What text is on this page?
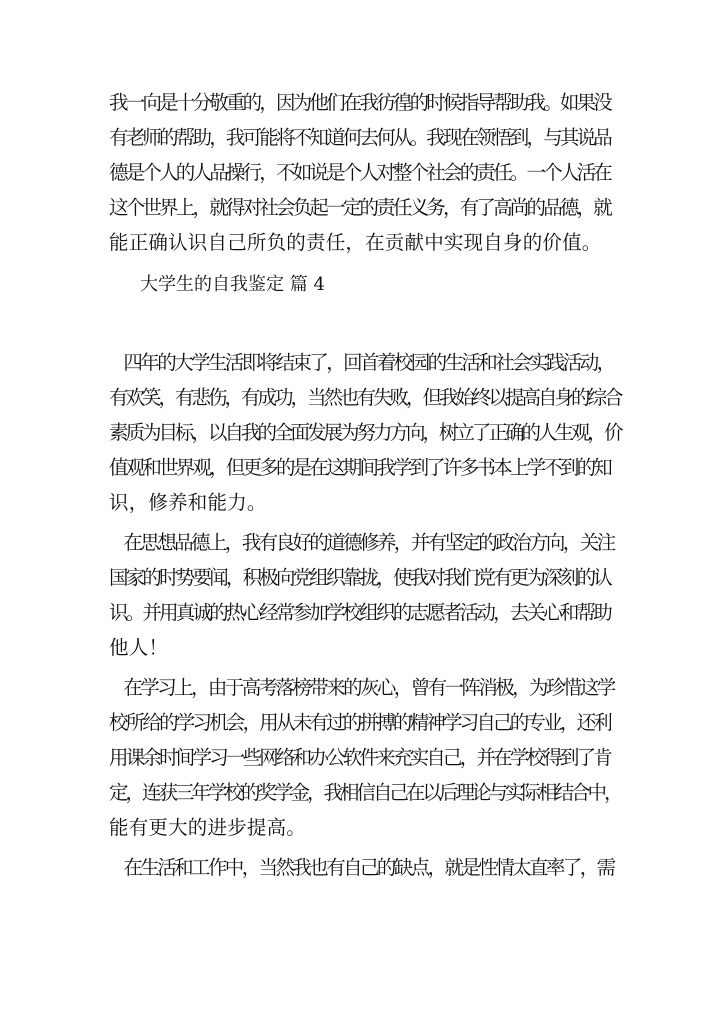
我一向是十分敬重的，因为他们在我彷徨的时候指导帮助我。如果没
有老师的帮助，我可能将不知道何去何从。我现在领悟到，与其说品
德是个人的人品操行，不如说是个人对整个社会的责任。一个人活在
这个世界上，就得对社会负起一定的责任义务，有了高尚的品德，就
能正确认识自己所负的责任，在贡献中实现自身的价值。
大学生的自我鉴定 篇 4
四年的大学生活即将结束了，回首着校园的生活和社会实践活动，
有欢笑，有悲伤，有成功，当然也有失败，但我始终以提高自身的综合
素质为目标，以自我的全面发展为努力方向，树立了正确的人生观，价
值观和世界观，但更多的是在这期间我学到了许多书本上学不到的知
识，修养和能力。
在思想品德上，我有良好的道德修养，并有坚定的政治方向，关注
国家的时势要闻，积极向党组织靠拢，使我对我们党有更为深刻的认
识。并用真诚的热心经常参加学校组织的志愿者活动，去关心和帮助
他人！
在学习上，由于高考落榜带来的灰心，曾有一阵消极，为珍惜这学
校所给的学习机会，用从未有过的拼搏的精神学习自己的专业，还利
用课余时间学习一些网络和办公软件来充实自己，并在学校得到了肯
定，连获三年学校的奖学金，我相信自己在以后理论与实际相结合中，
能有更大的进步提高。
在生活和工作中，当然我也有自己的缺点，就是性情太直率了，需
